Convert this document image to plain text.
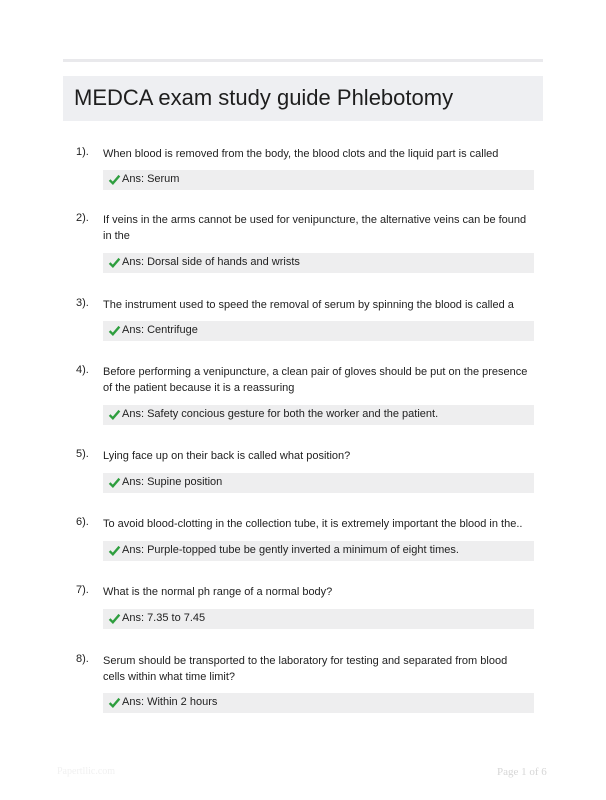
MEDCA exam study guide Phlebotomy
1). When blood is removed from the body, the blood clots and the liquid part is called
Ans: Serum
2). If veins in the arms cannot be used for venipuncture, the alternative veins can be found in the
Ans: Dorsal side of hands and wrists
3). The instrument used to speed the removal of serum by spinning the blood is called a
Ans: Centrifuge
4). Before performing a venipuncture, a clean pair of gloves should be put on the presence of the patient because it is a reassuring
Ans: Safety concious gesture for both the worker and the patient.
5). Lying face up on their back is called what position?
Ans: Supine position
6). To avoid blood-clotting in the collection tube, it is extremely important the blood in the..
Ans: Purple-topped tube be gently inverted a minimum of eight times.
7). What is the normal ph range of a normal body?
Ans: 7.35 to 7.45
8). Serum should be transported to the laboratory for testing and separated from blood cells within what time limit?
Ans: Within 2 hours
Papertllic.com	Page 1 of 6
